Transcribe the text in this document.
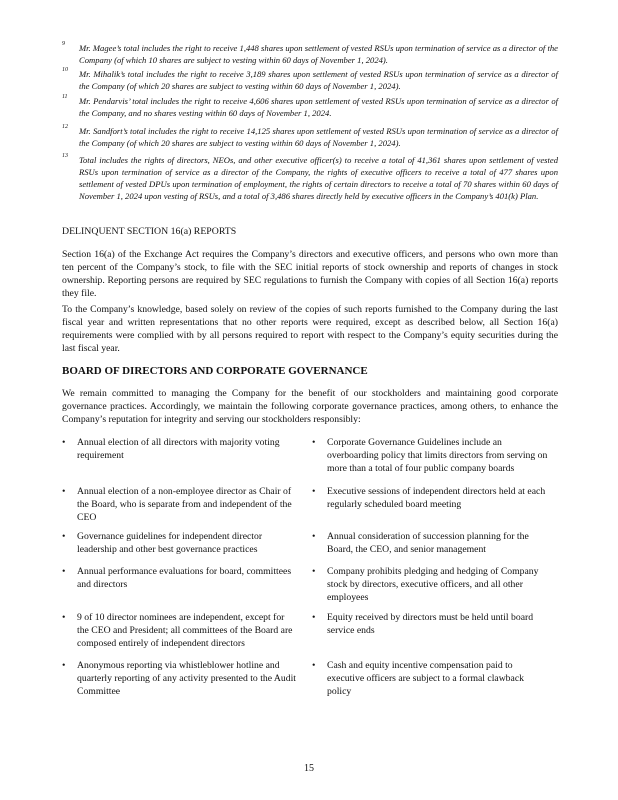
9 Mr. Magee’s total includes the right to receive 1,448 shares upon settlement of vested RSUs upon termination of service as a director of the Company (of which 10 shares are subject to vesting within 60 days of November 1, 2024).
10 Mr. Mihalik’s total includes the right to receive 3,189 shares upon settlement of vested RSUs upon termination of service as a director of the Company (of which 20 shares are subject to vesting within 60 days of November 1, 2024).
11 Mr. Pendarvis’ total includes the right to receive 4,606 shares upon settlement of vested RSUs upon termination of service as a director of the Company, and no shares vesting within 60 days of November 1, 2024.
12 Mr. Sandfort’s total includes the right to receive 14,125 shares upon settlement of vested RSUs upon termination of service as a director of the Company (of which 20 shares are subject to vesting within 60 days of November 1, 2024).
13 Total includes the rights of directors, NEOs, and other executive officer(s) to receive a total of 41,361 shares upon settlement of vested RSUs upon termination of service as a director of the Company, the rights of executive officers to receive a total of 477 shares upon settlement of vested DPUs upon termination of employment, the rights of certain directors to receive a total of 70 shares within 60 days of November 1, 2024 upon vesting of RSUs, and a total of 3,486 shares directly held by executive officers in the Company’s 401(k) Plan.
DELINQUENT SECTION 16(a) REPORTS
Section 16(a) of the Exchange Act requires the Company’s directors and executive officers, and persons who own more than ten percent of the Company’s stock, to file with the SEC initial reports of stock ownership and reports of changes in stock ownership. Reporting persons are required by SEC regulations to furnish the Company with copies of all Section 16(a) reports they file.
To the Company’s knowledge, based solely on review of the copies of such reports furnished to the Company during the last fiscal year and written representations that no other reports were required, except as described below, all Section 16(a) requirements were complied with by all persons required to report with respect to the Company’s equity securities during the last fiscal year.
BOARD OF DIRECTORS AND CORPORATE GOVERNANCE
We remain committed to managing the Company for the benefit of our stockholders and maintaining good corporate governance practices. Accordingly, we maintain the following corporate governance practices, among others, to enhance the Company’s reputation for integrity and serving our stockholders responsibly:
• Annual election of all directors with majority voting requirement
• Annual election of a non-employee director as Chair of the Board, who is separate from and independent of the CEO
• Governance guidelines for independent director leadership and other best governance practices
• Annual performance evaluations for board, committees and directors
• 9 of 10 director nominees are independent, except for the CEO and President; all committees of the Board are composed entirely of independent directors
• Anonymous reporting via whistleblower hotline and quarterly reporting of any activity presented to the Audit Committee
• Corporate Governance Guidelines include an overboarding policy that limits directors from serving on more than a total of four public company boards
• Executive sessions of independent directors held at each regularly scheduled board meeting
• Annual consideration of succession planning for the Board, the CEO, and senior management
• Company prohibits pledging and hedging of Company stock by directors, executive officers, and all other employees
• Equity received by directors must be held until board service ends
• Cash and equity incentive compensation paid to executive officers are subject to a formal clawback policy
15
